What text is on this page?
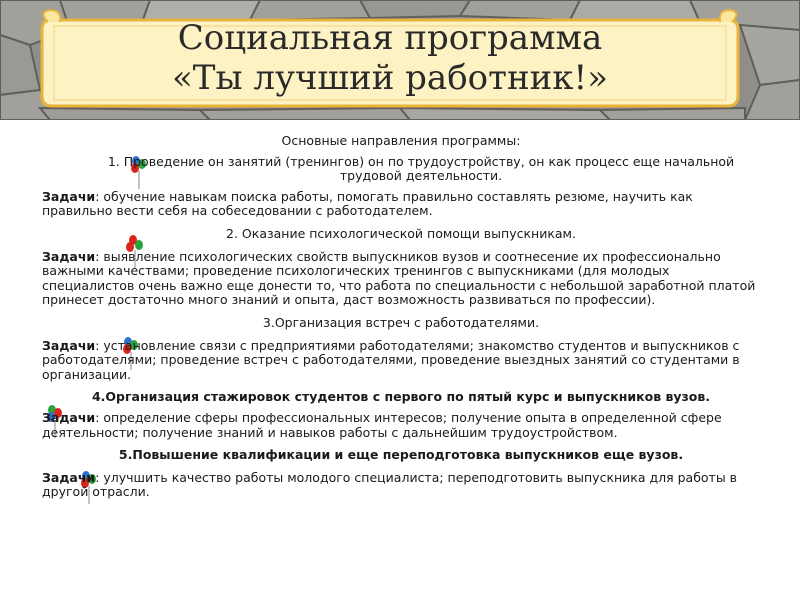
Социальная программа
«Ты лучший работник!»

Основные направления программы:

1. Проведение он занятий (тренингов) он по трудоустройству, он как процесс еще начальной трудовой деятельности.

Задачи: обучение навыкам поиска работы, помогать правильно составлять резюме, научить как правильно вести себя на собеседовании с работодателем.

2. Оказание психологической помощи выпускникам.

Задачи: выявление психологических свойств выпускников вузов и соотнесение их профессионально важными качествами; проведение психологических тренингов с выпускниками (для молодых специалистов очень важно еще донести то, что работа по специальности с небольшой заработной платой принесет достаточно много знаний и опыта, даст возможность развиваться по профессии).

3.Организация встреч с работодателями.

Задачи: установление связи с предприятиями работодателями; знакомство студентов и выпускников с работодателями; проведение встреч с работодателями, проведение выездных занятий со студентами в организации.

4.Организация стажировок студентов с первого по пятый курс и выпускников вузов.

Задачи: определение сферы профессиональных интересов; получение опыта в определенной сфере деятельности; получение знаний и навыков работы с дальнейшим трудоустройством.

5.Повышение квалификации и еще переподготовка выпускников еще вузов.

Задачи: улучшить качество работы молодого специалиста; переподготовить выпускника для работы в другой отрасли.
